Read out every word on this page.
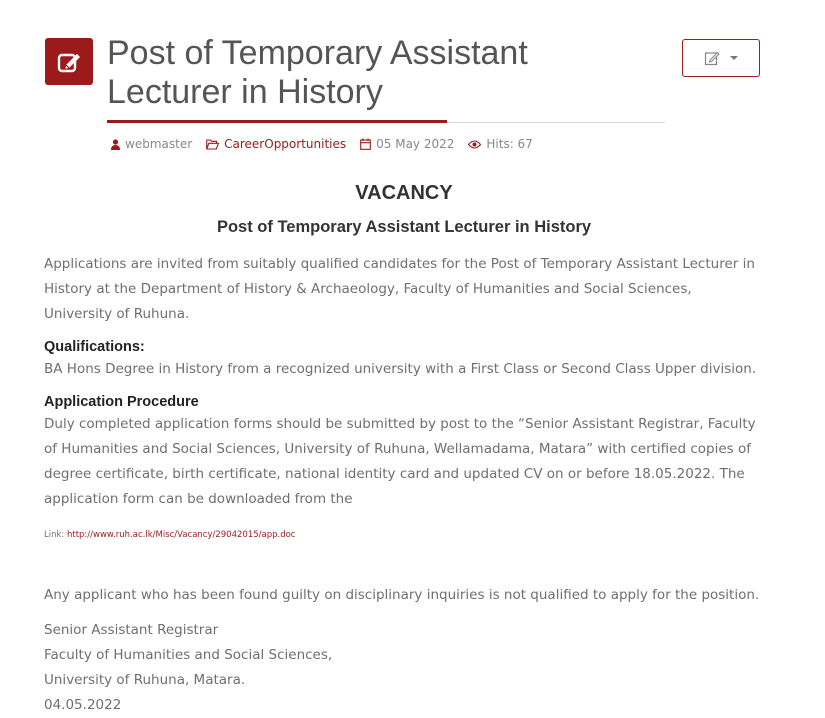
Post of Temporary Assistant Lecturer in History
webmaster	CareerOpportunities	05 May 2022	Hits: 67
VACANCY
Post of Temporary Assistant Lecturer in History

Applications are invited from suitably qualified candidates for the Post of Temporary Assistant Lecturer in History at the Department of History & Archaeology, Faculty of Humanities and Social Sciences, University of Ruhuna.

Qualifications:

BA Hons Degree in History from a recognized university with a First Class or Second Class Upper division.

Application Procedure

Duly completed application forms should be submitted by post to the “Senior Assistant Registrar, Faculty of Humanities and Social Sciences, University of Ruhuna, Wellamadama, Matara” with certified copies of degree certificate, birth certificate, national identity card and updated CV on or before 18.05.2022. The application form can be downloaded from the

Link: http://www.ruh.ac.lk/Misc/Vacancy/29042015/app.doc

Any applicant who has been found guilty on disciplinary inquiries is not qualified to apply for the position.

Senior Assistant Registrar

Faculty of Humanities and Social Sciences,

University of Ruhuna, Matara.

04.05.2022
